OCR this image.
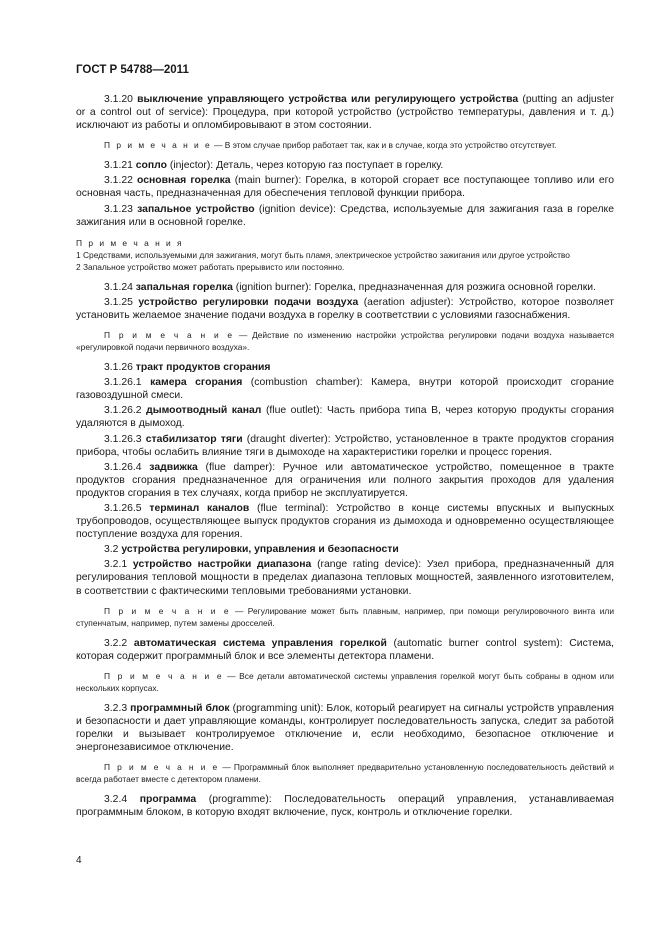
ГОСТ Р 54788—2011

3.1.20 выключение управляющего устройства или регулирующего устройства (putting an adjuster or a control out of service): Процедура, при которой устройство (устройство температуры, давления и т. д.) исключают из работы и опломбировывают в этом состоянии.

П р и м е ч а н и е — В этом случае прибор работает так, как и в случае, когда это устройство отсутствует.

3.1.21 сопло (injector): Деталь, через которую газ поступает в горелку.

3.1.22 основная горелка (main burner): Горелка, в которой сгорает все поступающее топливо или его основная часть, предназначенная для обеспечения тепловой функции прибора.

3.1.23 запальное устройство (ignition device): Средства, используемые для зажигания газа в горелке зажигания или в основной горелке.

П р и м е ч а н и я

1 Средствами, используемыми для зажигания, могут быть пламя, электрическое устройство зажигания или другое устройство

2 Запальное устройство может работать прерывисто или постоянно.

3.1.24 запальная горелка (ignition burner): Горелка, предназначенная для розжига основной горелки.

3.1.25 устройство регулировки подачи воздуха (aeration adjuster): Устройство, которое позволяет установить желаемое значение подачи воздуха в горелку в соответствии с условиями газоснабжения.

П р и м е ч а н и е — Действие по изменению настройки устройства регулировки подачи воздуха называется «регулировкой подачи первичного воздуха».

3.1.26 тракт продуктов сгорания

3.1.26.1 камера сгорания (combustion chamber): Камера, внутри которой происходит сгорание газовоздушной смеси.

3.1.26.2 дымоотводный канал (flue outlet): Часть прибора типа В, через которую продукты сгорания удаляются в дымоход.

3.1.26.3 стабилизатор тяги (draught diverter): Устройство, установленное в тракте продуктов сгорания прибора, чтобы ослабить влияние тяги в дымоходе на характеристики горелки и процесс горения.

3.1.26.4 задвижка (flue damper): Ручное или автоматическое устройство, помещенное в тракте продуктов сгорания предназначенное для ограничения или полного закрытия проходов для удаления продуктов сгорания в тех случаях, когда прибор не эксплуатируется.

3.1.26.5 терминал каналов (flue terminal): Устройство в конце системы впускных и выпускных трубопроводов, осуществляющее выпуск продуктов сгорания из дымохода и одновременно осуществляющее поступление воздуха для горения.

3.2 устройства регулировки, управления и безопасности

3.2.1 устройство настройки диапазона (range rating device): Узел прибора, предназначенный для регулирования тепловой мощности в пределах диапазона тепловых мощностей, заявленного изготовителем, в соответствии с фактическими тепловыми требованиями установки.

П р и м е ч а н и е — Регулирование может быть плавным, например, при помощи регулировочного винта или ступенчатым, например, путем замены дросселей.

3.2.2 автоматическая система управления горелкой (automatic burner control system): Система, которая содержит программный блок и все элементы детектора пламени.

П р и м е ч а н и е — Все детали автоматической системы управления горелкой могут быть собраны в одном или нескольких корпусах.

3.2.3 программный блок (programming unit): Блок, который реагирует на сигналы устройств управления и безопасности и дает управляющие команды, контролирует последовательность запуска, следит за работой горелки и вызывает контролируемое отключение и, если необходимо, безопасное отключение и энергонезависимое отключение.

П р и м е ч а н и е — Программный блок выполняет предварительно установленную последовательность действий и всегда работает вместе с детектором пламени.

3.2.4 программа (programme): Последовательность операций управления, устанавливаемая программным блоком, в которую входят включение, пуск, контроль и отключение горелки.

4
